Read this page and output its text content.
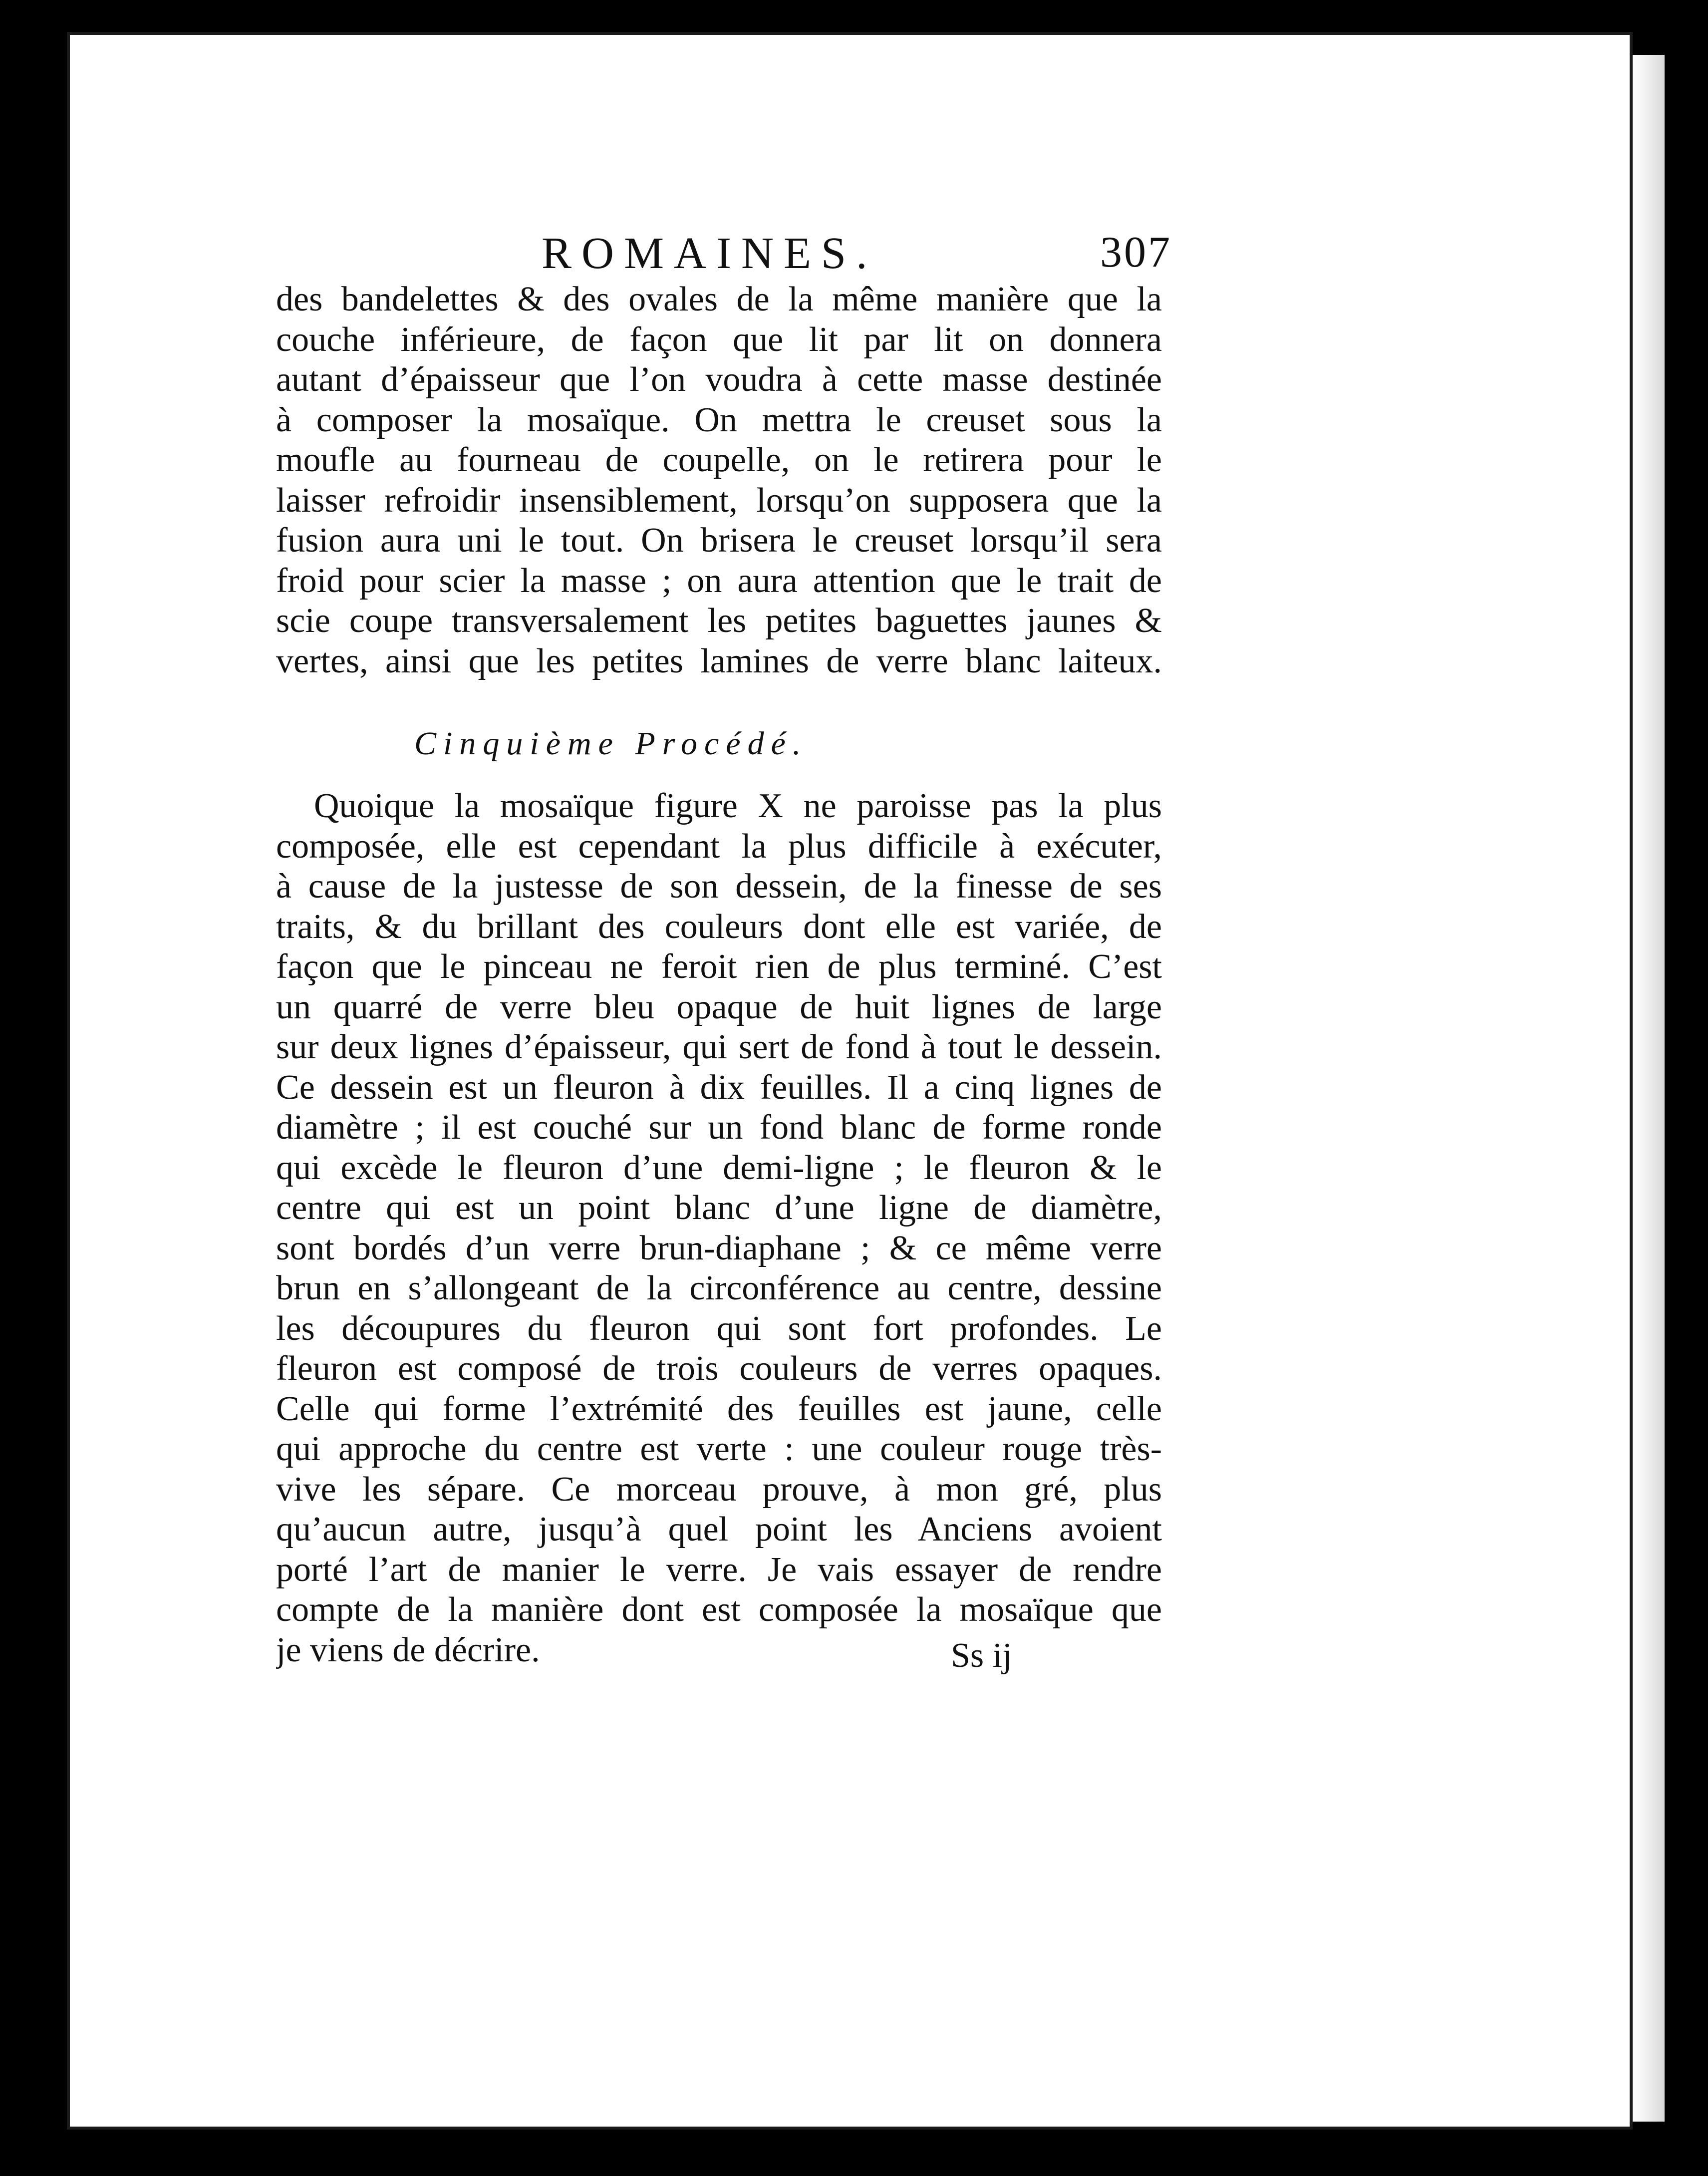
ROMAINES.	307
des bandelettes & des ovales de la même manière que la
couche inférieure, de façon que lit par lit on donnera
autant d’épaisseur que l’on voudra à cette masse destinée
à composer la mosaïque. On mettra le creuset sous la
moufle au fourneau de coupelle, on le retirera pour le
laisser refroidir insensiblement, lorsqu’on supposera que la
fusion aura uni le tout. On brisera le creuset lorsqu’il sera
froid pour scier la masse ; on aura attention que le trait de
scie coupe transversalement les petites baguettes jaunes &
vertes, ainsi que les petites lamines de verre blanc laiteux.
Cinquième Procédé.
Quoique la mosaïque figure X ne paroisse pas la plus
composée, elle est cependant la plus difficile à exécuter,
à cause de la justesse de son dessein, de la finesse de ses
traits, & du brillant des couleurs dont elle est variée, de
façon que le pinceau ne feroit rien de plus terminé. C’est
un quarré de verre bleu opaque de huit lignes de large
sur deux lignes d’épaisseur, qui sert de fond à tout le dessein.
Ce dessein est un fleuron à dix feuilles. Il a cinq lignes de
diamètre ; il est couché sur un fond blanc de forme ronde
qui excède le fleuron d’une demi-ligne ; le fleuron & le
centre qui est un point blanc d’une ligne de diamètre,
sont bordés d’un verre brun-diaphane ; & ce même verre
brun en s’allongeant de la circonférence au centre, dessine
les découpures du fleuron qui sont fort profondes. Le
fleuron est composé de trois couleurs de verres opaques.
Celle qui forme l’extrémité des feuilles est jaune, celle
qui approche du centre est verte : une couleur rouge très-
vive les sépare. Ce morceau prouve, à mon gré, plus
qu’aucun autre, jusqu’à quel point les Anciens avoient
porté l’art de manier le verre. Je vais essayer de rendre
compte de la manière dont est composée la mosaïque que
je viens de décrire.	Ss ij
